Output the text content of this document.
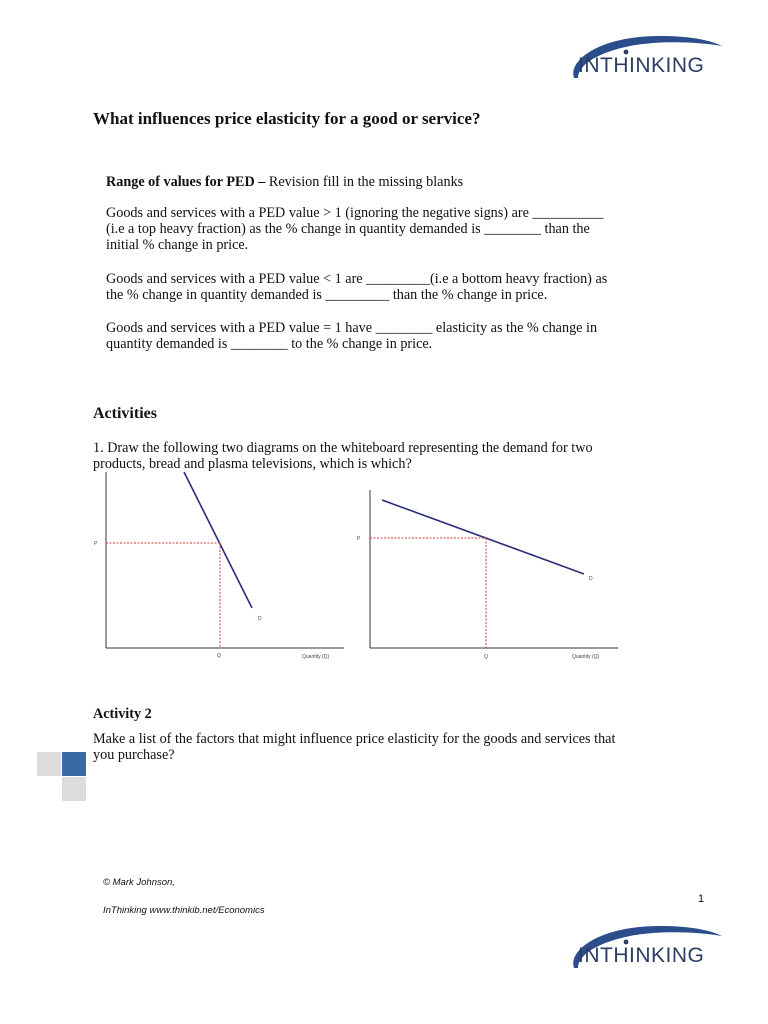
INTHINKING
What influences price elasticity for a good or service?
Range of values for PED – Revision fill in the missing blanks
Goods and services with a PED value > 1 (ignoring the negative signs) are __________
(i.e a top heavy fraction) as the % change in quantity demanded is ________ than the
initial % change in price.
Goods and services with a PED value < 1 are _________(i.e a bottom heavy fraction) as
the % change in quantity demanded is _________ than the % change in price.
Goods and services with a PED value = 1 have ________ elasticity as the % change in
quantity demanded is ________ to the % change in price.
Activities
1. Draw the following two diagrams on the whiteboard representing the demand for two
products, bread and plasma televisions, which is which?
P
Q
D
Quantity (Q)
P
Q
D
Quantity (Q)
Activity 2
Make a list of the factors that might influence price elasticity for the goods and services that
you purchase?
© Mark Johnson,
1
InThinking www.thinkib.net/Economics
INTHINKING
